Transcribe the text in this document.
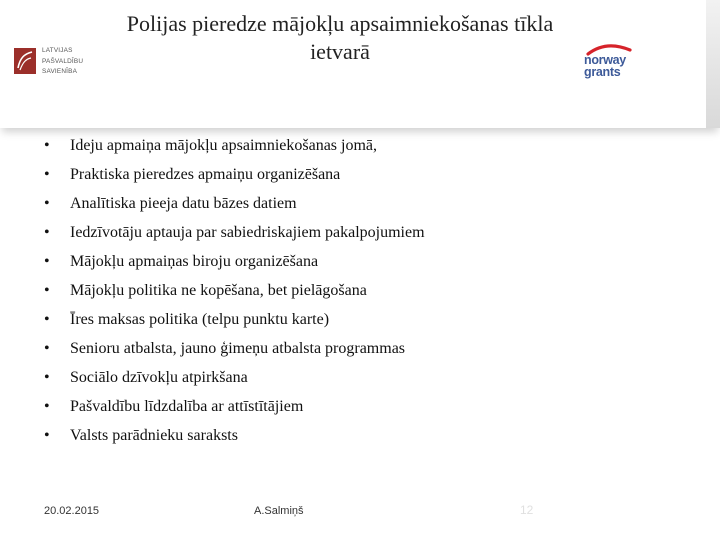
LATVIJAS
PAŠVALDĪBU
SAVIENĪBA
Polijas pieredze mājokļu apsaimniekošanas tīkla
ietvarā	norway
grants
•	Ideju apmaiņa mājokļu apsaimniekošanas jomā,
•	Praktiska pieredzes apmaiņu organizēšana
•	Analītiska pieeja datu bāzes datiem
•	Iedzīvotāju aptauja par sabiedriskajiem pakalpojumiem
•	Mājokļu apmaiņas biroju organizēšana
•	Mājokļu politika ne kopēšana, bet pielāgošana
•	Īres maksas politika (telpu punktu karte)
•	Senioru atbalsta, jauno ģimeņu atbalsta programmas
•	Sociālo dzīvokļu atpirkšana
•	Pašvaldību līdzdalība ar attīstītājiem
•	Valsts parādnieku saraksts
20.02.2015	A.Salmiņš	12
